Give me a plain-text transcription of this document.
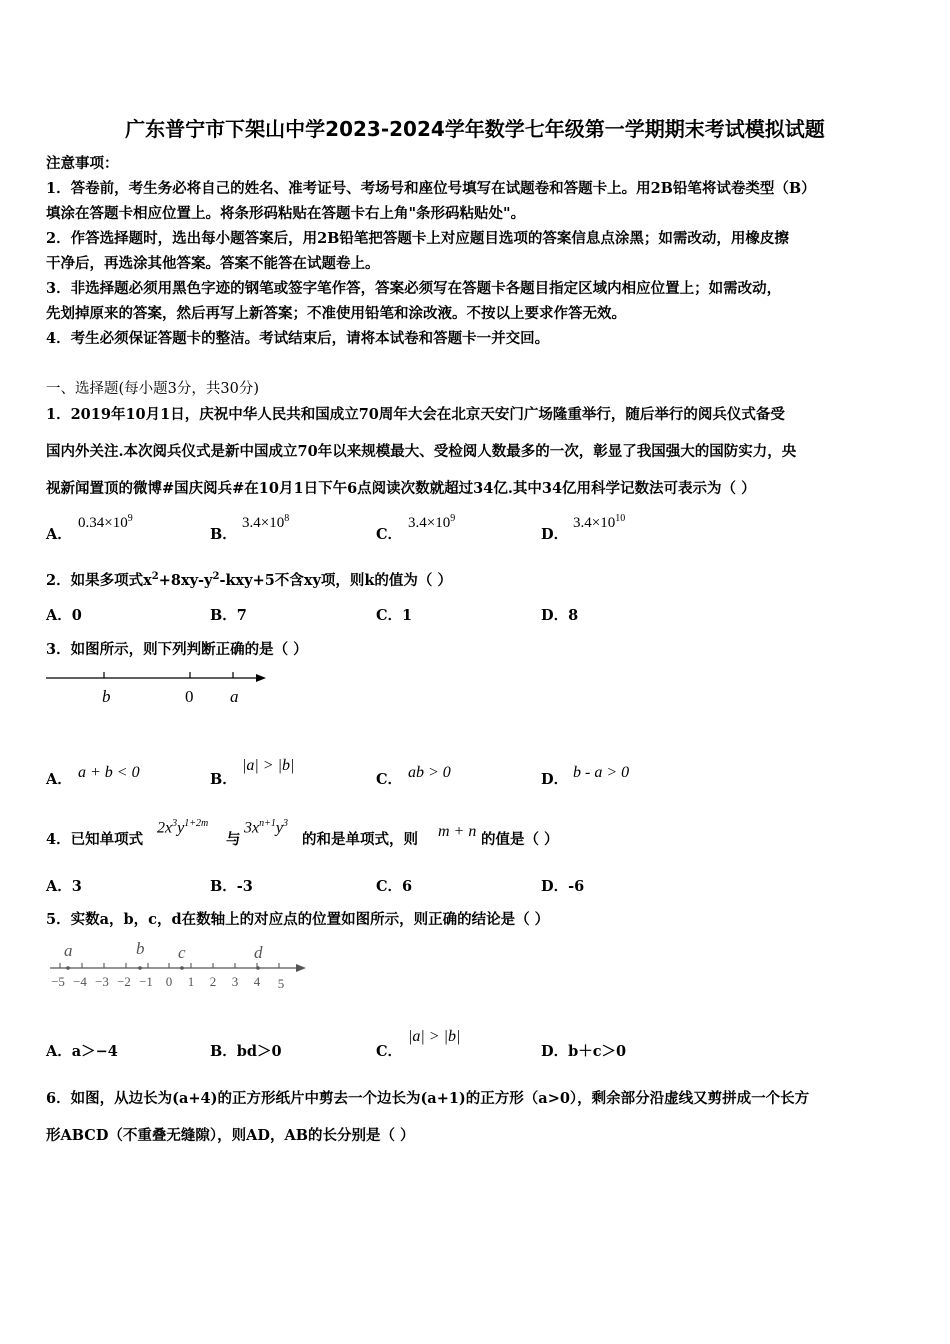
广东普宁市下架山中学2023-2024学年数学七年级第一学期期末考试模拟试题
注意事项：
1．答卷前，考生务必将自己的姓名、准考证号、考场号和座位号填写在试题卷和答题卡上。用2B铅笔将试卷类型（B）
填涂在答题卡相应位置上。将条形码粘贴在答题卡右上角"条形码粘贴处"。
2．作答选择题时，选出每小题答案后，用2B铅笔把答题卡上对应题目选项的答案信息点涂黑；如需改动，用橡皮擦
干净后，再选涂其他答案。答案不能答在试题卷上。
3．非选择题必须用黑色字迹的钢笔或签字笔作答，答案必须写在答题卡各题目指定区域内相应位置上；如需改动，
先划掉原来的答案，然后再写上新答案；不准使用铅笔和涂改液。不按以上要求作答无效。
4．考生必须保证答题卡的整洁。考试结束后，请将本试卷和答题卡一并交回。
一、选择题(每小题3分，共30分)
1．2019年10月1日，庆祝中华人民共和国成立70周年大会在北京天安门广场隆重举行，随后举行的阅兵仪式备受
国内外关注.本次阅兵仪式是新中国成立70年以来规模最大、受检阅人数最多的一次，彰显了我国强大的国防实力，央
视新闻置顶的微博#国庆阅兵#在10月1日下午6点阅读次数就超过34亿.其中34亿用科学记数法可表示为（ ）
A．
$0.34\times 10^9$
B．
$3.4\times 10^8$
C．
$3.4\times 10^9$
D．
$3.4\times 10^{10}$
2．如果多项式$x^2+8xy-y^2-kxy+5$不含xy项，则k的值为（ ）
A．0	B．7	C．1	D．8
3．如图所示，则下列判断正确的是（ ）
b	0 a
A． a + b < 0	B．
|a| > |b|
C． ab > 0	D． b - a > 0
4．已知单项式
$2x^3y^{1+2m}$
与
$3x^{n+1}y^3$
的和是单项式，则 m + n 的值是（ ）
A．3	B．-3	C．6	D．-6
5．实数a，b，c，d在数轴上的对应点的位置如图所示，则正确的结论是（ ）
a	b c	d
−5 −4 −3 −2 −1 0 1 2 3 4 5
A．a＞−4	B．bd＞0	C．
|a| > |b|
D．b＋c＞0
6．如图，从边长为(a+4)的正方形纸片中剪去一个边长为(a+1)的正方形（a>0），剩余部分沿虚线又剪拼成一个长方
形ABCD（不重叠无缝隙），则AD，AB的长分别是（ ）
